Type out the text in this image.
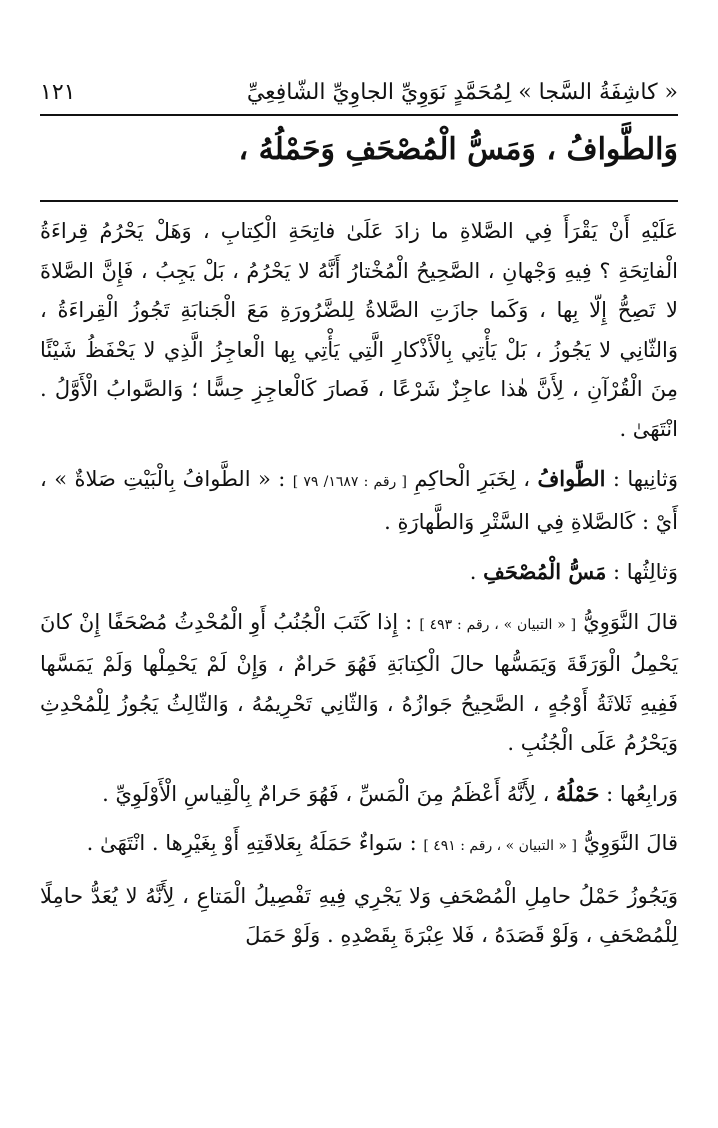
١٢١	« كاشِفَةُ السَّجا » لِمُحَمَّدٍ نَوَوِيِّ الجاوِيِّ الشّافِعِيِّ
وَالطَّوافُ ، وَمَسُّ الْمُصْحَفِ وَحَمْلُهُ ،

عَلَيْهِ أَنْ يَقْرَأَ فِي الصَّلاةِ ما زادَ عَلَىٰ فاتِحَةِ الْكِتابِ ، وَهَلْ يَحْرُمُ قِراءَةُ الْفاتِحَةِ ؟ فِيهِ وَجْهانِ ، الصَّحِيحُ الْمُخْتارُ أَنَّهُ لا يَحْرُمُ ، بَلْ يَجِبُ ، فَإِنَّ الصَّلاةَ لا تَصِحُّ إِلّا بِها ، وَكَما جازَتِ الصَّلاةُ لِلضَّرُورَةِ مَعَ الْجَنابَةِ تَجُوزُ الْقِراءَةُ ، وَالثّانِي لا يَجُوزُ ، بَلْ يَأْتِي بِالْأَذْكارِ الَّتِي يَأْتِي بِها الْعاجِزُ الَّذِي لا يَحْفَظُ شَيْئًا مِنَ الْقُرْآنِ ، لِأَنَّ هٰذا عاجِزٌ شَرْعًا ، فَصارَ كَالْعاجِزِ حِسًّا ؛ وَالصَّوابُ الْأَوَّلُ . انْتَهَىٰ .

وَثانِيها : الطَّوافُ ، لِخَبَرِ الْحاكِمِ [ رقم : ١٦٨٧/ ٧٩ ] : « الطَّوافُ بِالْبَيْتِ صَلاةٌ » ، أَيْ : كَالصَّلاةِ فِي السَّتْرِ وَالطَّهارَةِ .

وَثالِثُها : مَسُّ الْمُصْحَفِ .

قالَ النَّوَوِيُّ [ « التبيان » ، رقم : ٤٩٣ ] : إِذا كَتَبَ الْجُنُبُ أَوِ الْمُحْدِثُ مُصْحَفًا إِنْ كانَ يَحْمِلُ الْوَرَقَةَ وَيَمَسُّها حالَ الْكِتابَةِ فَهُوَ حَرامٌ ، وَإِنْ لَمْ يَحْمِلْها وَلَمْ يَمَسَّها فَفِيهِ ثَلاثَةُ أَوْجُهٍ ، الصَّحِيحُ جَوازُهُ ، وَالثّانِي تَحْرِيمُهُ ، وَالثّالِثُ يَجُوزُ لِلْمُحْدِثِ وَيَحْرُمُ عَلَى الْجُنُبِ .

وَرابِعُها : حَمْلُهُ ، لِأَنَّهُ أَعْظَمُ مِنَ الْمَسِّ ، فَهُوَ حَرامٌ بِالْقِياسِ الْأَوْلَوِيِّ .

قالَ النَّوَوِيُّ [ « التبيان » ، رقم : ٤٩١ ] : سَواءٌ حَمَلَهُ بِعَلاقَتِهِ أَوْ بِغَيْرِها . انْتَهَىٰ .

وَيَجُوزُ حَمْلُ حامِلِ الْمُصْحَفِ وَلا يَجْرِي فِيهِ تَفْصِيلُ الْمَتاعِ ، لِأَنَّهُ لا يُعَدُّ حامِلًا لِلْمُصْحَفِ ، وَلَوْ قَصَدَهُ ، فَلا عِبْرَةَ بِقَصْدِهِ . وَلَوْ حَمَلَ
